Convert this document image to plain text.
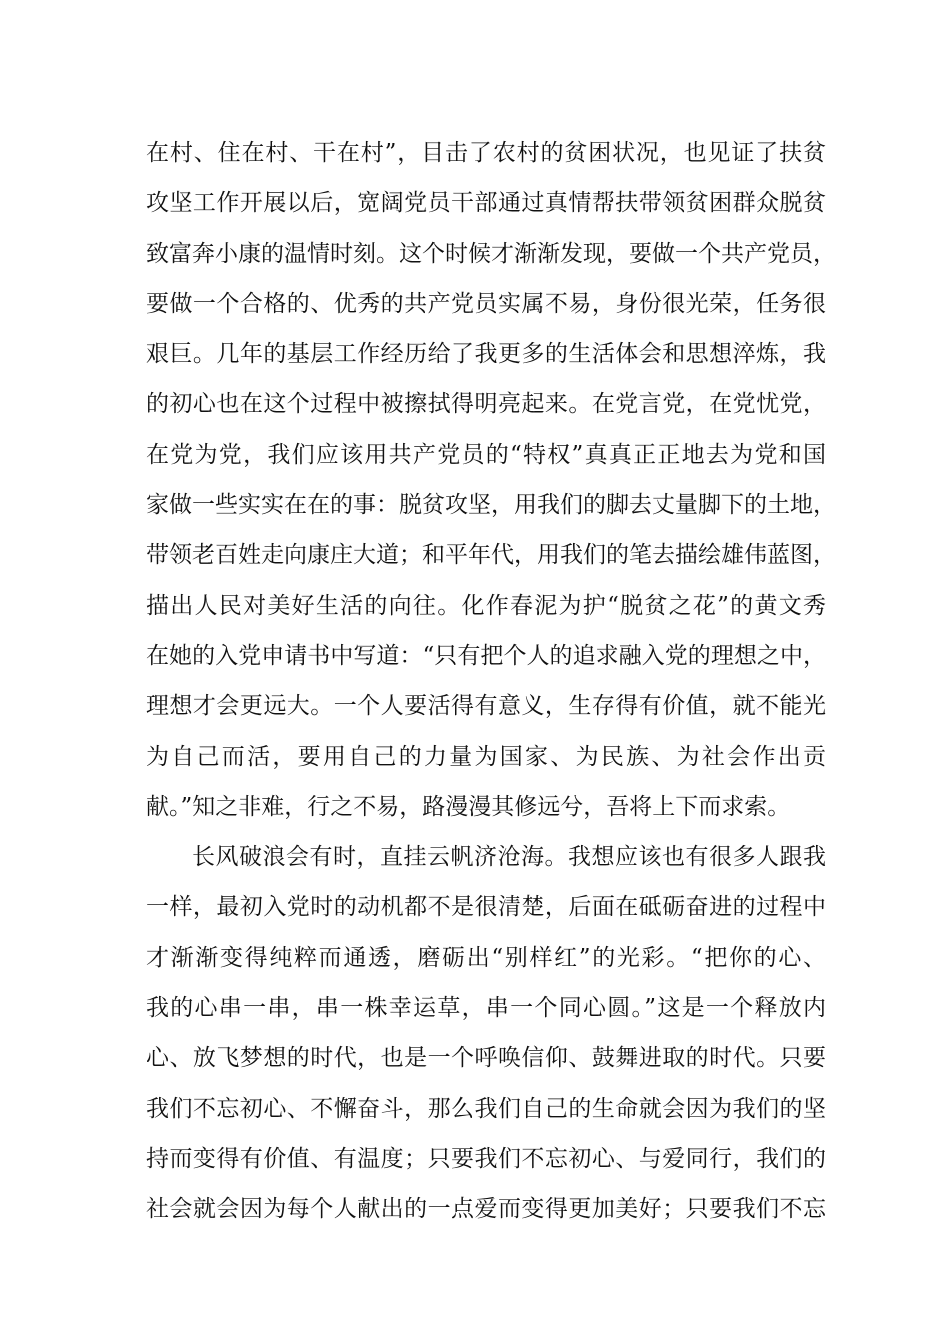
在村、住在村、干在村”，目击了农村的贫困状况，也见证了扶贫
攻坚工作开展以后，宽阔党员干部通过真情帮扶带领贫困群众脱贫
致富奔小康的温情时刻。这个时候才渐渐发现，要做一个共产党员，
要做一个合格的、优秀的共产党员实属不易，身份很光荣，任务很
艰巨。几年的基层工作经历给了我更多的生活体会和思想淬炼，我
的初心也在这个过程中被擦拭得明亮起来。在党言党，在党忧党，
在党为党，我们应该用共产党员的“特权”真真正正地去为党和国
家做一些实实在在的事：脱贫攻坚，用我们的脚去丈量脚下的土地，
带领老百姓走向康庄大道；和平年代，用我们的笔去描绘雄伟蓝图，
描出人民对美好生活的向往。化作春泥为护“脱贫之花”的黄文秀
在她的入党申请书中写道：“只有把个人的追求融入党的理想之中，
理想才会更远大。一个人要活得有意义，生存得有价值，就不能光
为自己而活，要用自己的力量为国家、为民族、为社会作出贡
献。”知之非难，行之不易，路漫漫其修远兮，吾将上下而求索。
长风破浪会有时，直挂云帆济沧海。我想应该也有很多人跟我
一样，最初入党时的动机都不是很清楚，后面在砥砺奋进的过程中
才渐渐变得纯粹而通透，磨砺出“别样红”的光彩。“把你的心、
我的心串一串，串一株幸运草，串一个同心圆。”这是一个释放内
心、放飞梦想的时代，也是一个呼唤信仰、鼓舞进取的时代。只要
我们不忘初心、不懈奋斗，那么我们自己的生命就会因为我们的坚
持而变得有价值、有温度；只要我们不忘初心、与爱同行，我们的
社会就会因为每个人献出的一点爱而变得更加美好；只要我们不忘
